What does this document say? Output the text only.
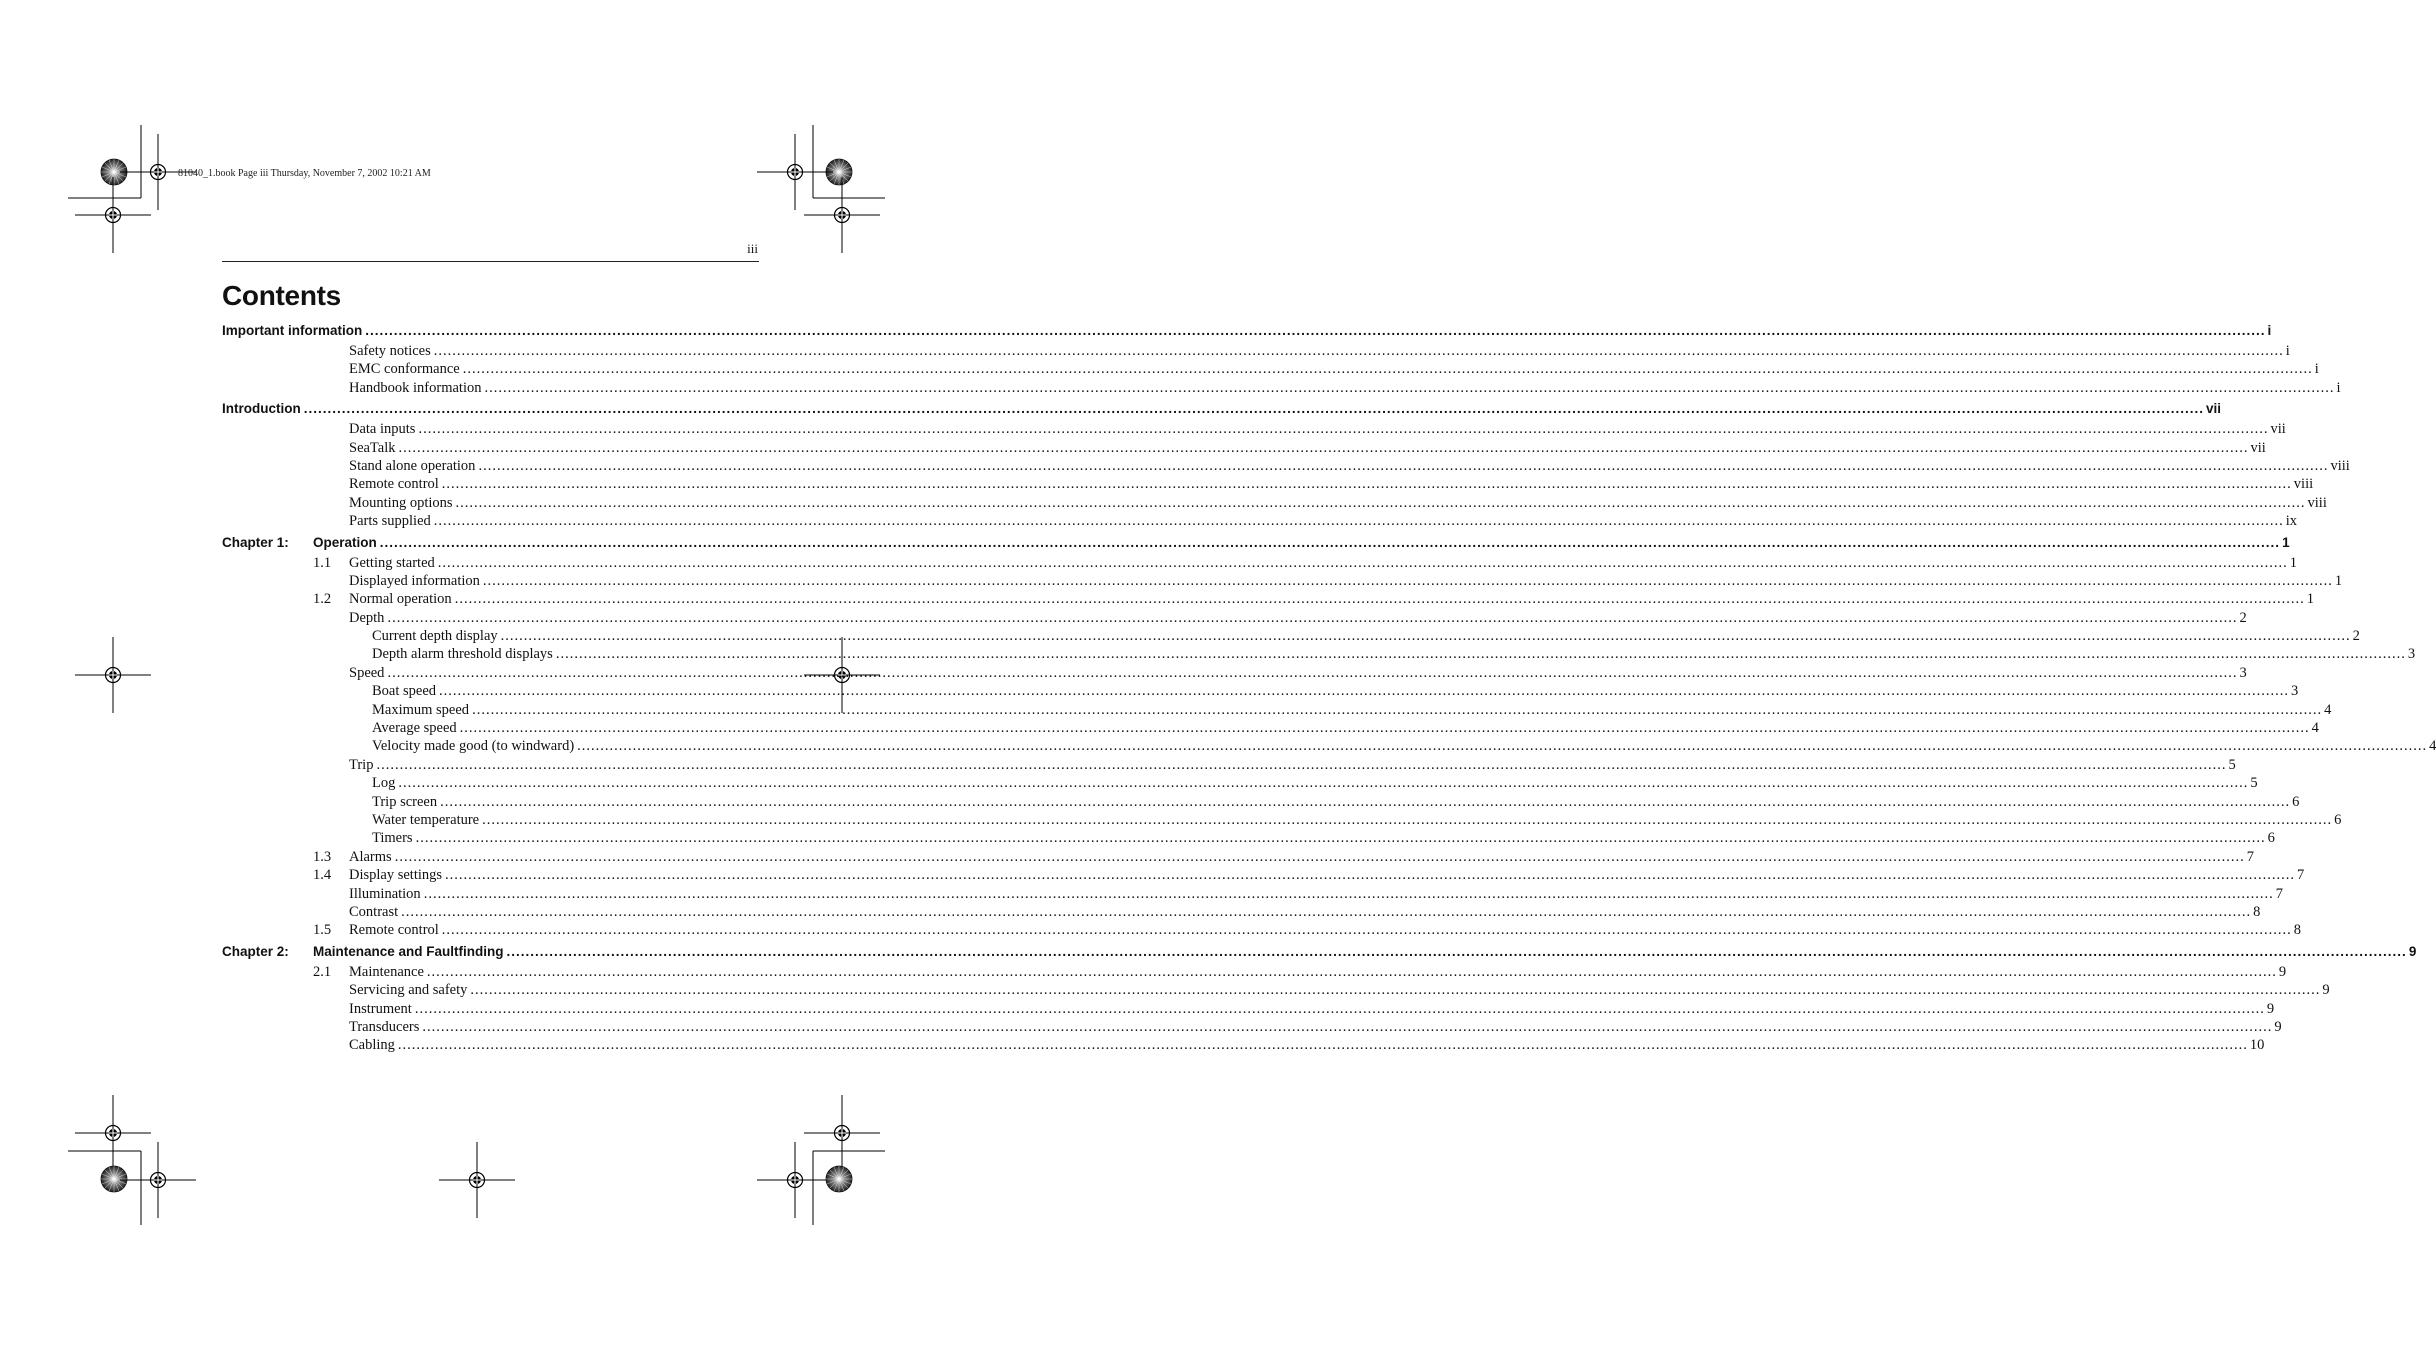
81040_1.book Page iii Thursday, November 7, 2002 10:21 AM
iii
Contents
Important information ................................................................................................................................................................................................................................................................................................................................................................................................................ i
Safety notices ................................................................................................................................................................................................................................................................................................................................................................................................................ i
EMC conformance ................................................................................................................................................................................................................................................................................................................................................................................................................ i
Handbook information ................................................................................................................................................................................................................................................................................................................................................................................................................ i
Introduction ................................................................................................................................................................................................................................................................................................................................................................................................................ vii
Data inputs ................................................................................................................................................................................................................................................................................................................................................................................................................ vii
SeaTalk ................................................................................................................................................................................................................................................................................................................................................................................................................ vii
Stand alone operation ................................................................................................................................................................................................................................................................................................................................................................................................................ viii
Remote control ................................................................................................................................................................................................................................................................................................................................................................................................................ viii
Mounting options ................................................................................................................................................................................................................................................................................................................................................................................................................ viii
Parts supplied ................................................................................................................................................................................................................................................................................................................................................................................................................ ix
Chapter 1:	Operation ................................................................................................................................................................................................................................................................................................................................................................................................................ 1
1.1 Getting started ................................................................................................................................................................................................................................................................................................................................................................................................................ 1
Displayed information ................................................................................................................................................................................................................................................................................................................................................................................................................ 1
1.2 Normal operation ................................................................................................................................................................................................................................................................................................................................................................................................................ 1
Depth ................................................................................................................................................................................................................................................................................................................................................................................................................ 2
Current depth display ................................................................................................................................................................................................................................................................................................................................................................................................................ 2
Depth alarm threshold displays ................................................................................................................................................................................................................................................................................................................................................................................................................ 3
Speed ................................................................................................................................................................................................................................................................................................................................................................................................................ 3
Boat speed ................................................................................................................................................................................................................................................................................................................................................................................................................ 3
Maximum speed ................................................................................................................................................................................................................................................................................................................................................................................................................ 4
Average speed ................................................................................................................................................................................................................................................................................................................................................................................................................ 4
Velocity made good (to windward) ................................................................................................................................................................................................................................................................................................................................................................................................................ 4
Trip ................................................................................................................................................................................................................................................................................................................................................................................................................ 5
Log ................................................................................................................................................................................................................................................................................................................................................................................................................ 5
Trip screen ................................................................................................................................................................................................................................................................................................................................................................................................................ 6
Water temperature ................................................................................................................................................................................................................................................................................................................................................................................................................ 6
Timers ................................................................................................................................................................................................................................................................................................................................................................................................................ 6
1.3 Alarms ................................................................................................................................................................................................................................................................................................................................................................................................................ 7
1.4 Display settings ................................................................................................................................................................................................................................................................................................................................................................................................................ 7
Illumination ................................................................................................................................................................................................................................................................................................................................................................................................................ 7
Contrast ................................................................................................................................................................................................................................................................................................................................................................................................................ 8
1.5 Remote control ................................................................................................................................................................................................................................................................................................................................................................................................................ 8
Chapter 2:	Maintenance and Faultfinding ................................................................................................................................................................................................................................................................................................................................................................................................................ 9
2.1 Maintenance ................................................................................................................................................................................................................................................................................................................................................................................................................ 9
Servicing and safety ................................................................................................................................................................................................................................................................................................................................................................................................................ 9
Instrument ................................................................................................................................................................................................................................................................................................................................................................................................................ 9
Transducers ................................................................................................................................................................................................................................................................................................................................................................................................................ 9
Cabling ................................................................................................................................................................................................................................................................................................................................................................................................................ 10
